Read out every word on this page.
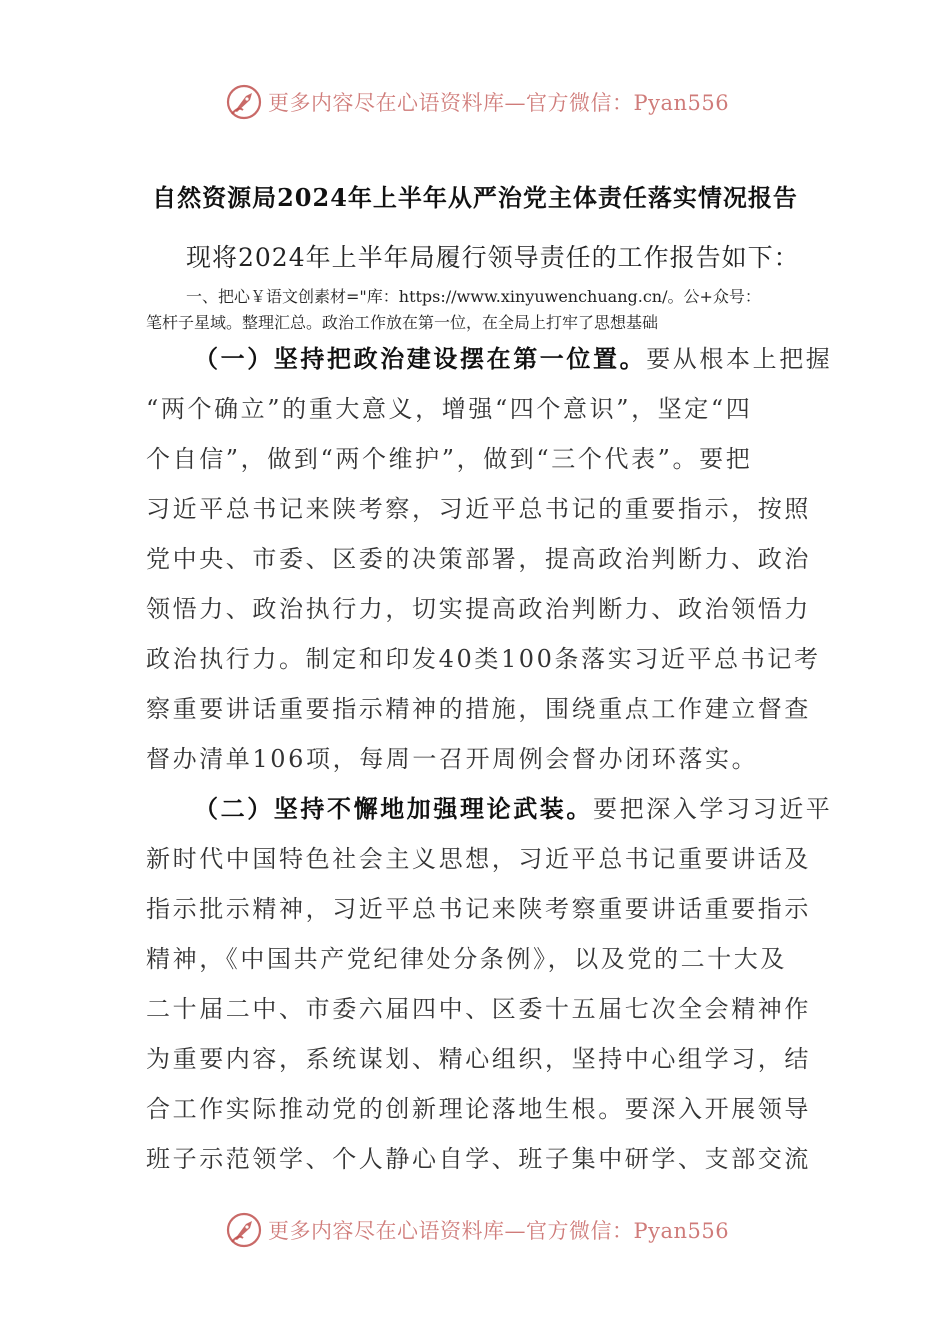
更多内容尽在心语资料库—官方微信：Pyan556
自然资源局2024年上半年从严治党主体责任落实情况报告
现将2024年上半年局履行领导责任的工作报告如下：
一、把心￥语文创素材="库：https://www.xinyuwenchuang.cn/。公+众号：
笔杆子星域。整理汇总。政治工作放在第一位，在全局上打牢了思想基础
（一）坚持把政治建设摆在第一位置。要从根本上把握
“两个确立”的重大意义，增强“四个意识”，坚定“四
个自信”，做到“两个维护”，做到“三个代表”。要把
习近平总书记来陕考察，习近平总书记的重要指示，按照
党中央、市委、区委的决策部署，提高政治判断力、政治
领悟力、政治执行力，切实提高政治判断力、政治领悟力
政治执行力。制定和印发40类100条落实习近平总书记考
察重要讲话重要指示精神的措施，围绕重点工作建立督查
督办清单106项，每周一召开周例会督办闭环落实。
（二）坚持不懈地加强理论武装。要把深入学习习近平
新时代中国特色社会主义思想，习近平总书记重要讲话及
指示批示精神，习近平总书记来陕考察重要讲话重要指示
精神，《中国共产党纪律处分条例》，以及党的二十大及
二十届二中、市委六届四中、区委十五届七次全会精神作
为重要内容，系统谋划、精心组织，坚持中心组学习，结
合工作实际推动党的创新理论落地生根。要深入开展领导
班子示范领学、个人静心自学、班子集中研学、支部交流
更多内容尽在心语资料库—官方微信：Pyan556
